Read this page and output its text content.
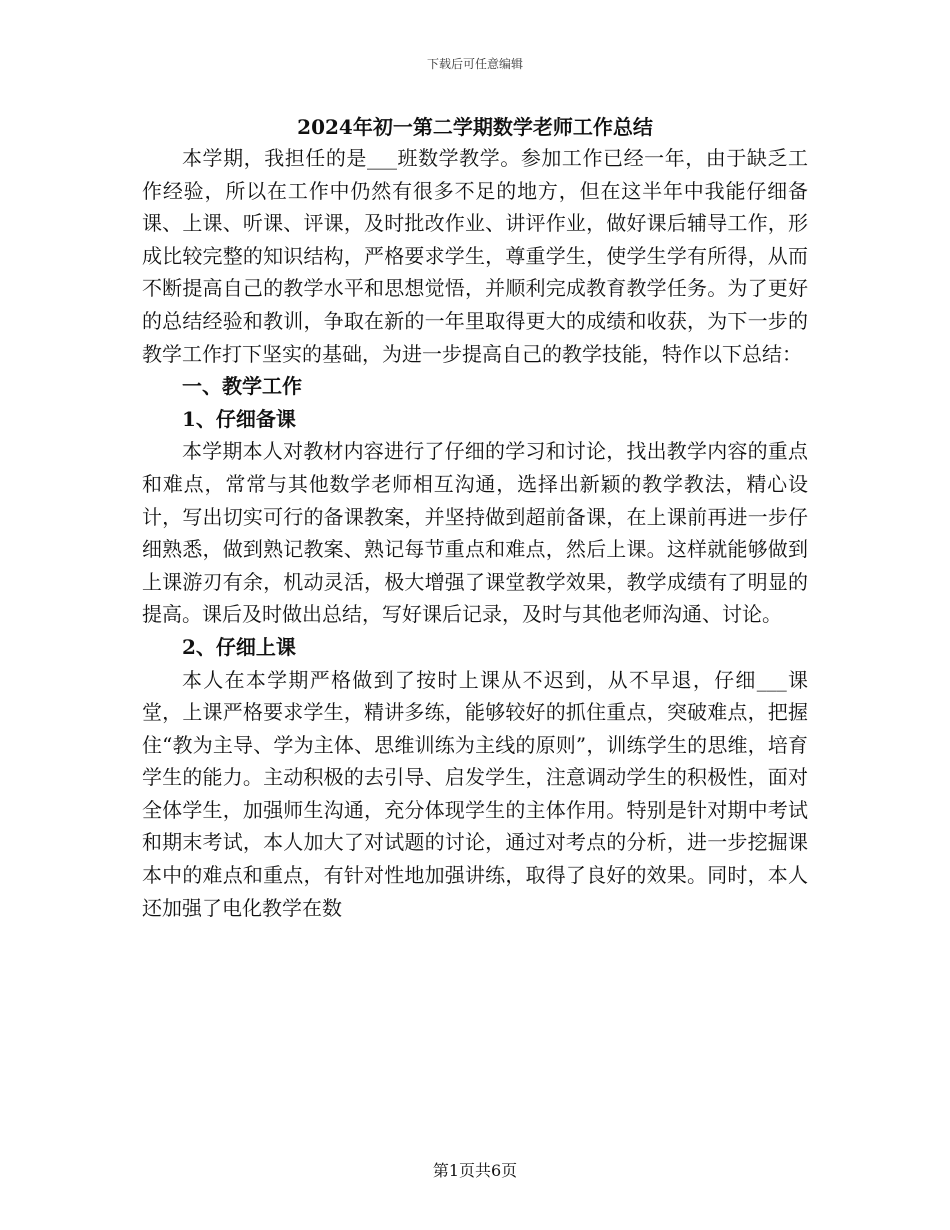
下载后可任意编辑
2024年初一第二学期数学老师工作总结

本学期，我担任的是___班数学教学。参加工作已经一年，由于缺乏工作经验，所以在工作中仍然有很多不足的地方，但在这半年中我能仔细备课、上课、听课、评课，及时批改作业、讲评作业，做好课后辅导工作，形成比较完整的知识结构，严格要求学生，尊重学生，使学生学有所得，从而不断提高自己的教学水平和思想觉悟，并顺利完成教育教学任务。为了更好的总结经验和教训，争取在新的一年里取得更大的成绩和收获，为下一步的教学工作打下坚实的基础，为进一步提高自己的教学技能，特作以下总结：

一、教学工作

1、仔细备课

本学期本人对教材内容进行了仔细的学习和讨论，找出教学内容的重点和难点，常常与其他数学老师相互沟通，选择出新颖的教学教法，精心设计，写出切实可行的备课教案，并坚持做到超前备课，在上课前再进一步仔细熟悉，做到熟记教案、熟记每节重点和难点，然后上课。这样就能够做到上课游刃有余，机动灵活，极大增强了课堂教学效果，教学成绩有了明显的提高。课后及时做出总结，写好课后记录，及时与其他老师沟通、讨论。

2、仔细上课

本人在本学期严格做到了按时上课从不迟到，从不早退，仔细___课堂，上课严格要求学生，精讲多练，能够较好的抓住重点，突破难点，把握住“教为主导、学为主体、思维训练为主线的原则”，训练学生的思维，培育学生的能力。主动积极的去引导、启发学生，注意调动学生的积极性，面对全体学生，加强师生沟通，充分体现学生的主体作用。特别是针对期中考试和期末考试，本人加大了对试题的讨论，通过对考点的分析，进一步挖掘课本中的难点和重点，有针对性地加强讲练，取得了良好的效果。同时，本人还加强了电化教学在数

第1页共6页
